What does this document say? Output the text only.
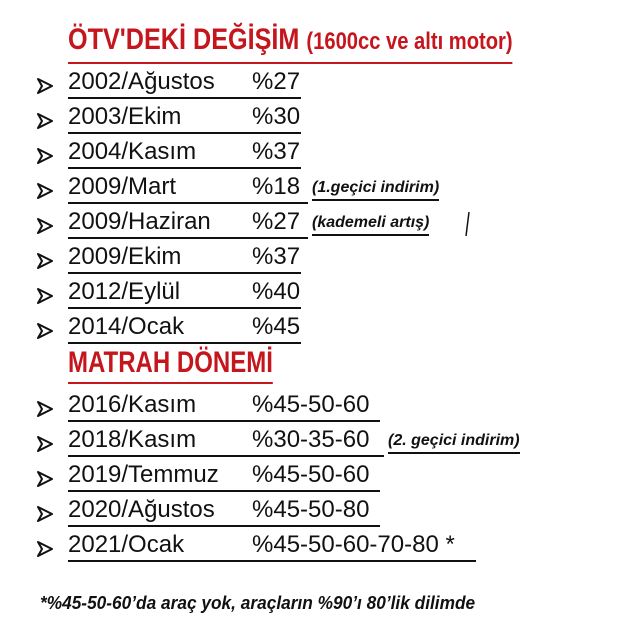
ÖTV'DEKİ DEĞİŞİM (1600cc ve altı motor)
2002/Ağustos %27
2003/Ekim	%30
2004/Kasım %37
2009/Mart	%18 (1.geçici indirim)
2009/Haziran %27 (kademeli artış)
2009/Ekim	%37
2012/Eylül	%40
2014/Ocak	%45
MATRAH DÖNEMİ
2016/Kasım %45-50-60
2018/Kasım %30-35-60 (2. geçici indirim)
2019/Temmuz %45-50-60
2020/Ağustos %45-50-80
2021/Ocak	%45-50-60-70-80 *
*%45-50-60’da araç yok, araçların %90’ı 80’lik dilimde
